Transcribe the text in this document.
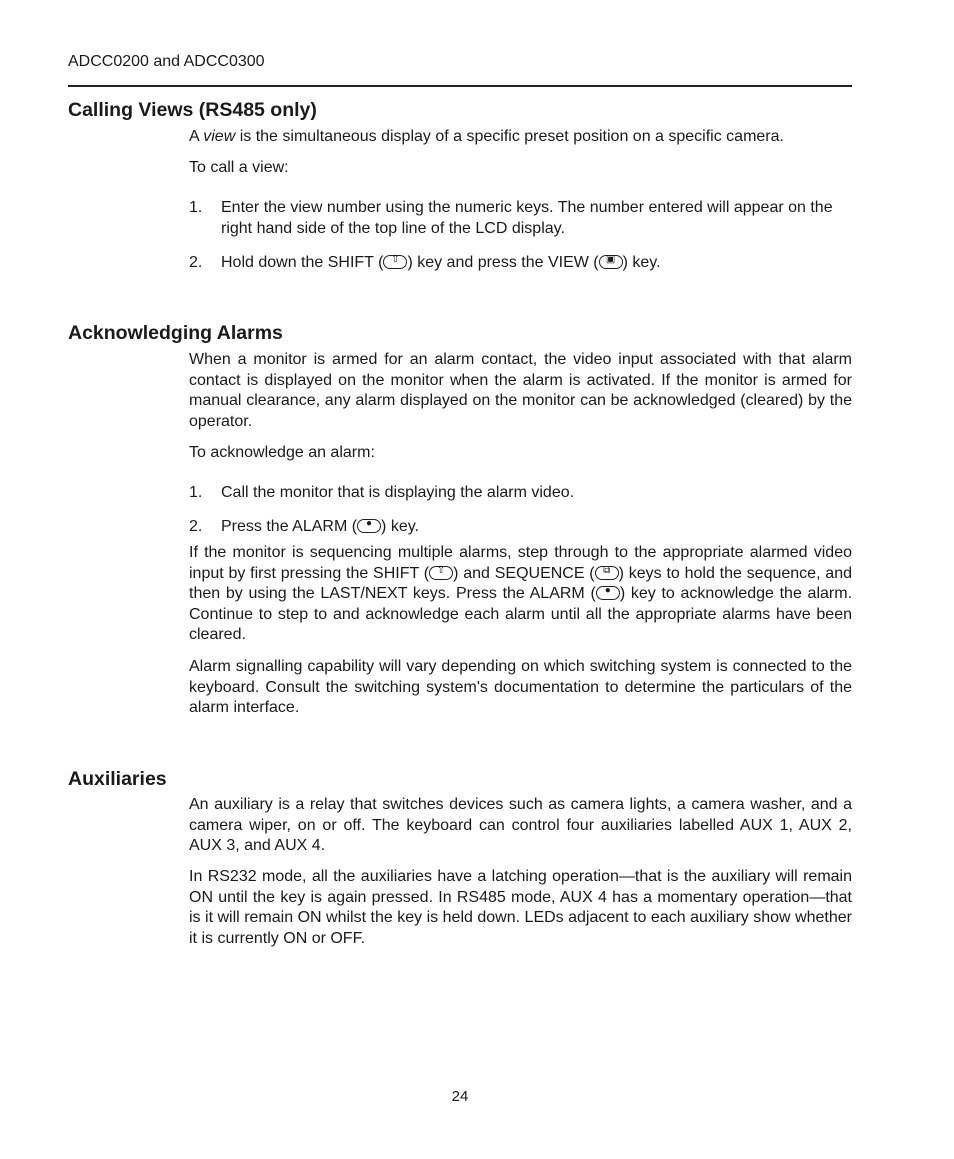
ADCC0200 and ADCC0300
Calling Views (RS485 only)

A view is the simultaneous display of a specific preset position on a specific camera.

To call a view:

1. Enter the view number using the numeric keys. The number entered will appear on the right hand side of the top line of the LCD display.
2. Hold down the SHIFT ( ⇧ ) key and press the VIEW ( ▣ ) key.
Acknowledging Alarms

When a monitor is armed for an alarm contact, the video input associated with that alarm contact is displayed on the monitor when the alarm is activated. If the monitor is armed for manual clearance, any alarm displayed on the monitor can be acknowledged (cleared) by the operator.

To acknowledge an alarm:

1. Call the monitor that is displaying the alarm video.
2. Press the ALARM ( ● ) key.

If the monitor is sequencing multiple alarms, step through to the appropriate alarmed video input by first pressing the SHIFT ( ⇧ ) and SEQUENCE ( ⧉ ) keys to hold the sequence, and then by using the LAST/NEXT keys. Press the ALARM ( ● ) key to acknowledge the alarm. Continue to step to and acknowledge each alarm until all the appropriate alarms have been cleared.

Alarm signalling capability will vary depending on which switching system is connected to the keyboard. Consult the switching system's documentation to determine the particulars of the alarm interface.

Auxiliaries

An auxiliary is a relay that switches devices such as camera lights, a camera washer, and a camera wiper, on or off. The keyboard can control four auxiliaries labelled AUX 1, AUX 2, AUX 3, and AUX 4.

In RS232 mode, all the auxiliaries have a latching operation—that is the auxiliary will remain ON until the key is again pressed. In RS485 mode, AUX 4 has a momentary operation—that is it will remain ON whilst the key is held down. LEDs adjacent to each auxiliary show whether it is currently ON or OFF.

24
